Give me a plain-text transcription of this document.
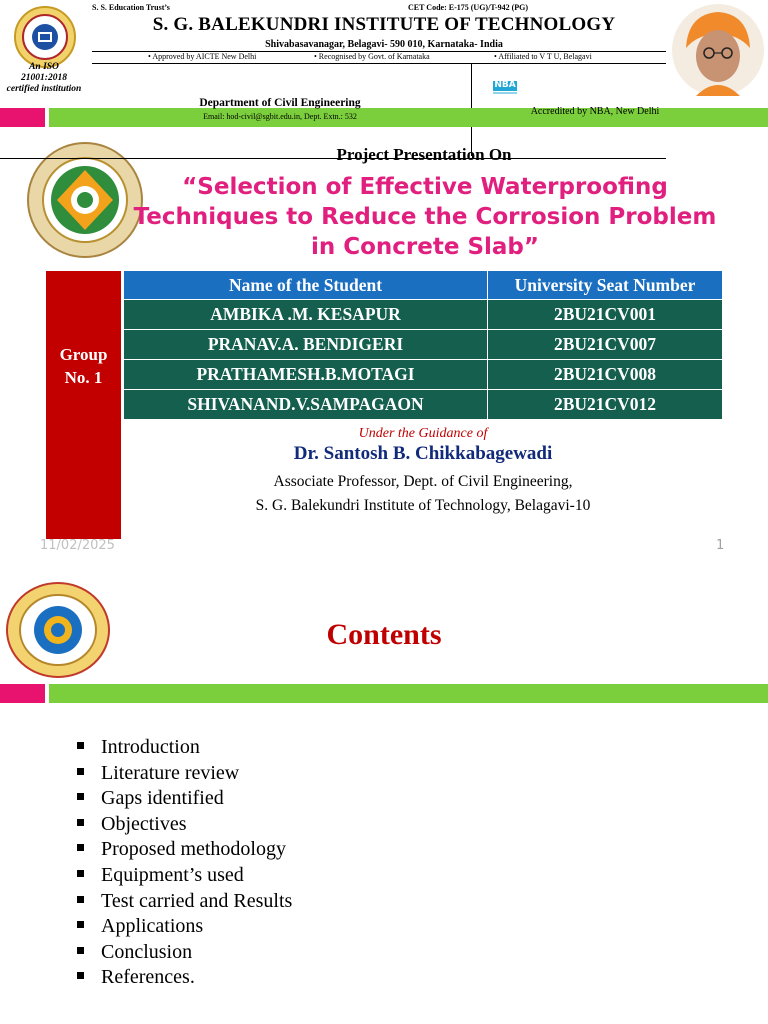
An ISO
21001:2018
certified institution
S. S. Education Trust’s	CET Code: E-175 (UG)/T-942 (PG)
S. G. BALEKUNDRI INSTITUTE OF TECHNOLOGY
Shivabasavanagar, Belagavi- 590 010, Karnataka- India
• Approved by AICTE New Delhi	• Recognised by Govt. of Karnataka	• Affiliated to V T U, Belagavi
NBA
Department of Civil Engineering
Email: hod-civil@sgbit.edu.in, Dept. Extn.: 532	Accredited by NBA, New Delhi
Project Presentation On
“Selection of Effective Waterproofing Techniques to Reduce the Corrosion Problem in Concrete Slab”
Group
No. 1
Name of the Student	University Seat Number
AMBIKA .M. KESAPUR	2BU21CV001
PRANAV.A. BENDIGERI	2BU21CV007
PRATHAMESH.B.MOTAGI	2BU21CV008
SHIVANAND.V.SAMPAGAON	2BU21CV012
Under the Guidance of
Dr. Santosh B. Chikkabagewadi
Associate Professor, Dept. of Civil Engineering,
S. G. Balekundri Institute of Technology, Belagavi-10
11/02/2025	1
Contents
Introduction
Literature review
Gaps identified
Objectives
Proposed methodology
Equipment’s used
Test carried and Results
Applications
Conclusion
References.
